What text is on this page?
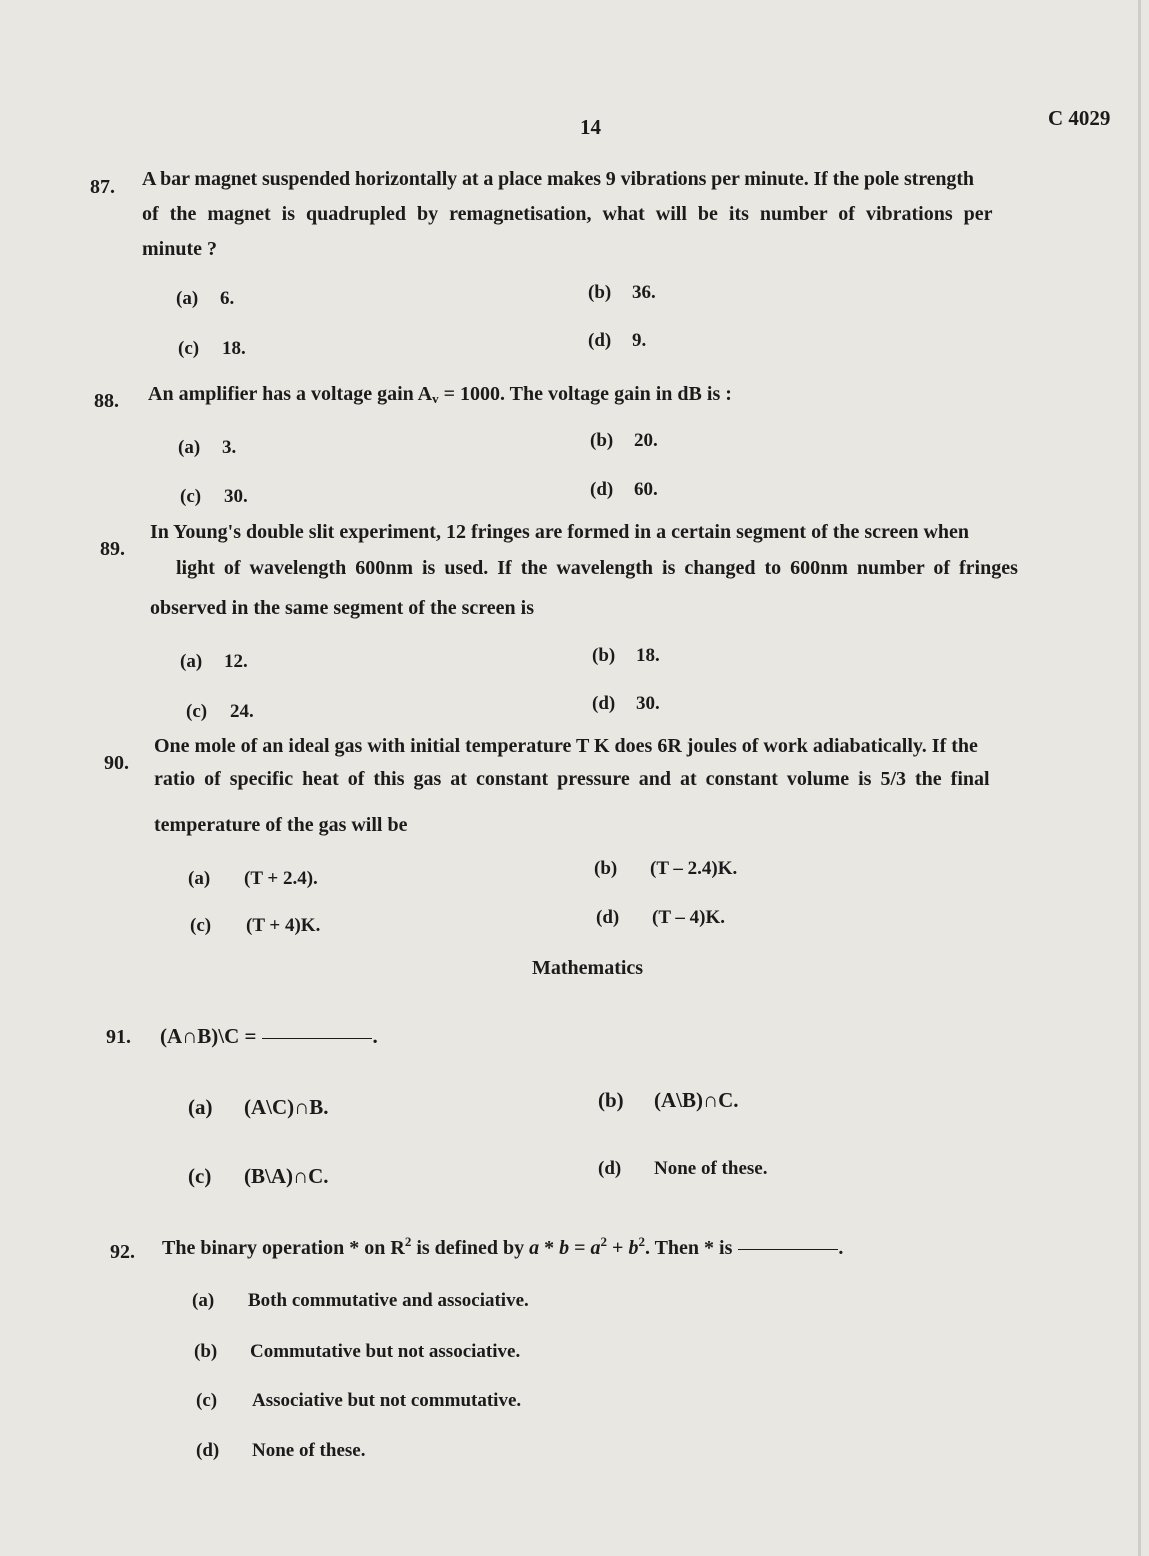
14	C 4029
87. A bar magnet suspended horizontally at a place makes 9 vibrations per minute. If the pole strength
of the magnet is quadrupled by remagnetisation, what will be its number of vibrations per
minute ?
(a) 6.	(b) 36.
(c) 18.	(d) 9.
88. An amplifier has a voltage gain $A_v = 1000$. The voltage gain in dB is :
(a) 3.	(b) 20.
(c) 30.	(d) 60.
89.
In Young's double slit experiment, 12 fringes are formed in a certain segment of the screen when
light of wavelength 600nm is used. If the wavelength is changed to 600nm number of fringes
observed in the same segment of the screen is
(a) 12.	(b) 18.
(c) 24.	(d) 30.
90.
One mole of an ideal gas with initial temperature T K does 6R joules of work adiabatically. If the
ratio of specific heat of this gas at constant pressure and at constant volume is 5/3 the final
temperature of the gas will be
(a) (T + 2.4).	(b) (T – 2.4)K.
(c) (T + 4)K.	(d) (T – 4)K.
Mathematics
91. (A∩B)\C =	.
(a) (A\C)∩B.	(b) (A\B)∩C.
(c) (B\A)∩C.	(d) None of these.
92. The binary operation * on $R^2$ is defined by $a * b = a^2 + b^2$. Then * is	.
(a) Both commutative and associative.
(b) Commutative but not associative.
(c) Associative but not commutative.
(d) None of these.
